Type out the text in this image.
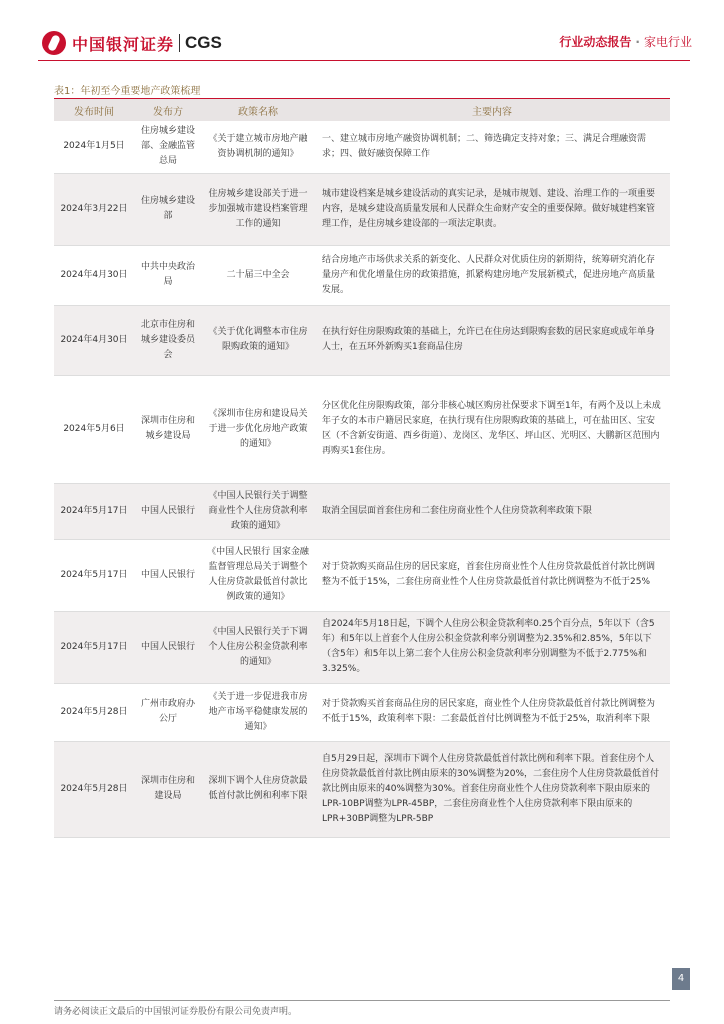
中国银河证券 CGS	行业动态报告 · 家电行业
表1：年初至今重要地产政策梳理
发布时间	发布方	政策名称	主要内容
2024年1月5日	住房城乡建设部、金融监管总局	《关于建立城市房地产融资协调机制的通知》	一、建立城市房地产融资协调机制；二、筛选确定支持对象；三、满足合理融资需求；四、做好融资保障工作
2024年3月22日	住房城乡建设部	住房城乡建设部关于进一步加强城市建设档案管理工作的通知	城市建设档案是城乡建设活动的真实记录，是城市规划、建设、治理工作的一项重要内容，是城乡建设高质量发展和人民群众生命财产安全的重要保障。做好城建档案管理工作，是住房城乡建设部的一项法定职责。
2024年4月30日	中共中央政治局	二十届三中全会	结合房地产市场供求关系的新变化、人民群众对优质住房的新期待，统筹研究消化存量房产和优化增量住房的政策措施，抓紧构建房地产发展新模式，促进房地产高质量发展。
2024年4月30日	北京市住房和城乡建设委员会	《关于优化调整本市住房限购政策的通知》	在执行好住房限购政策的基础上，允许已在住房达到限购套数的居民家庭或成年单身人士，在五环外新购买1套商品住房
2024年5月6日	深圳市住房和城乡建设局	《深圳市住房和建设局关于进一步优化房地产政策的通知》	分区优化住房限购政策，部分非核心城区购房社保要求下调至1年，有两个及以上未成年子女的本市户籍居民家庭，在执行现有住房限购政策的基础上，可在盐田区、宝安区（不含新安街道、西乡街道）、龙岗区、龙华区、坪山区、光明区、大鹏新区范围内再购买1套住房。
2024年5月17日	中国人民银行	《中国人民银行关于调整商业性个人住房贷款利率政策的通知》	取消全国层面首套住房和二套住房商业性个人住房贷款利率政策下限
2024年5月17日	中国人民银行	《中国人民银行 国家金融监督管理总局关于调整个人住房贷款最低首付款比例政策的通知》	对于贷款购买商品住房的居民家庭，首套住房商业性个人住房贷款最低首付款比例调整为不低于15%，二套住房商业性个人住房贷款最低首付款比例调整为不低于25%
2024年5月17日	中国人民银行	《中国人民银行关于下调个人住房公积金贷款利率的通知》	自2024年5月18日起，下调个人住房公积金贷款利率0.25个百分点，5年以下（含5年）和5年以上首套个人住房公积金贷款利率分别调整为2.35%和2.85%，5年以下（含5年）和5年以上第二套个人住房公积金贷款利率分别调整为不低于2.775%和3.325%。
2024年5月28日	广州市政府办公厅	《关于进一步促进我市房地产市场平稳健康发展的通知》	对于贷款购买首套商品住房的居民家庭，商业性个人住房贷款最低首付款比例调整为不低于15%，政策利率下限：二套最低首付比例调整为不低于25%，取消利率下限
2024年5月28日	深圳市住房和建设局	深圳下调个人住房贷款最低首付款比例和利率下限	自5月29日起，深圳市下调个人住房贷款最低首付款比例和利率下限。首套住房个人住房贷款最低首付款比例由原来的30%调整为20%，二套住房个人住房贷款最低首付款比例由原来的40%调整为30%。首套住房商业性个人住房贷款利率下限由原来的LPR-10BP调整为LPR-45BP，二套住房商业性个人住房贷款利率下限由原来的LPR+30BP调整为LPR-5BP
4
请务必阅读正文最后的中国银河证券股份有限公司免责声明。
